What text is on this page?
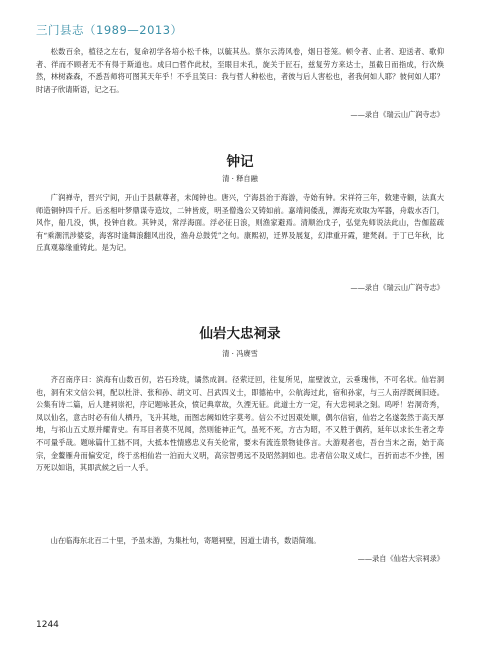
三门县志（1989—2013）

松数百余，植径之左右，复命初学各培小松千株，以毓其丛。蔡尔云涛风卷，烟日苍笼。顿令者、止者、迎送者、歌仰者、徉而不顾者无不有得于斯道也。成曰□哲作此杖，至眼目未孔，旋关于匠石，兹复劳方来达士，虽截日而指成，行次焕然，林树森森，不悉吾师将可图其天年乎！不乎且笑曰：我与哲人种松也，者彼与后人害松也，者我何如人耶？彼何如人耶？时诸子欣请斯语，记之石。

——录自《瑞云山广润寺志》
钟记
清 · 释自融

广润禅寺，晋兴宁间，开山于县献尊者，未闻钟也。唐兴，宁海县治于海游，寺始有钟。宋祥符三年，敕建寺额，法真大师造铜钟四千斤。后丞相叶梦鼎谋寺造坟，二钟皆废，明圣僧逸公又铸如前。嘉靖间倭乱，潭海充欢取为军器，舟载水否门，风作，船几没，惧，投钟自救。其钟灵，常浮海面。浮必征日浪，则渔家避焉。清顺治戊子，弘觉先师说法此山，告伽蓝疏有“乘潮汛涉婆娑，海客时逢舞浪翻风出没，渔舟总鼓凭”之句。康熙初，迁界及展复，幻津重开霞，建梵刹。于丁已年秋，比丘真观募缘重铸此。是为记。

——录自《瑞云山广润寺志》
仙岩大忠祠录
清 · 冯赓雪

齐召南序曰：滨海有山数百仞，岩石玲珑，谲然成洞。径萦迂回，往复所见，崖壁波立，云垂瑰伟，不可名状。仙岩洞也，洞有宋文信公祠，配以杜浒、张和孙、胡文可、吕武四义士，即德祐中，公航海过此，宿和孙家，与三人南浮既闽旧迹。公集有诗二篇，后人建祠崇祀，序记题咏甚众，愤记典章故，久湮无征。此道士方一定，有大忠祠录之刻。呜呼！岩洞奇秀，凤以仙名，意古时必有仙人栖丹，飞升其地，而图志阙如姓字莫考。信公不过因艰处顺，偶尔信宿，仙岩之名遂轰然于高天厚地，与祁山五丈原并耀青史。有耳目者莫不见闻，然则能神正气，虽死不死，方古为昭，不又胜于偶药，延年以求长生者之寿不可量乎哉。题咏篇什工拙不同，大抵本性情感忠义有关伦常，要未有流连景物徒侈言。大游观者也，吾台当末之南，始于高宗，金鳌雁舟而偏安定，终于丞相仙岩一泊而大义明，高宗智勇远不及昭然洞如也。忠者信公取义成仁，百折而志不少挫，困万死以如诣，其即武候之后一人乎。

山在临海东北百二十里，予虽未游，为集杜句，寄题祠壁，因道士请书，数语简端。

——录自《仙岩大宗祠录》
1244
